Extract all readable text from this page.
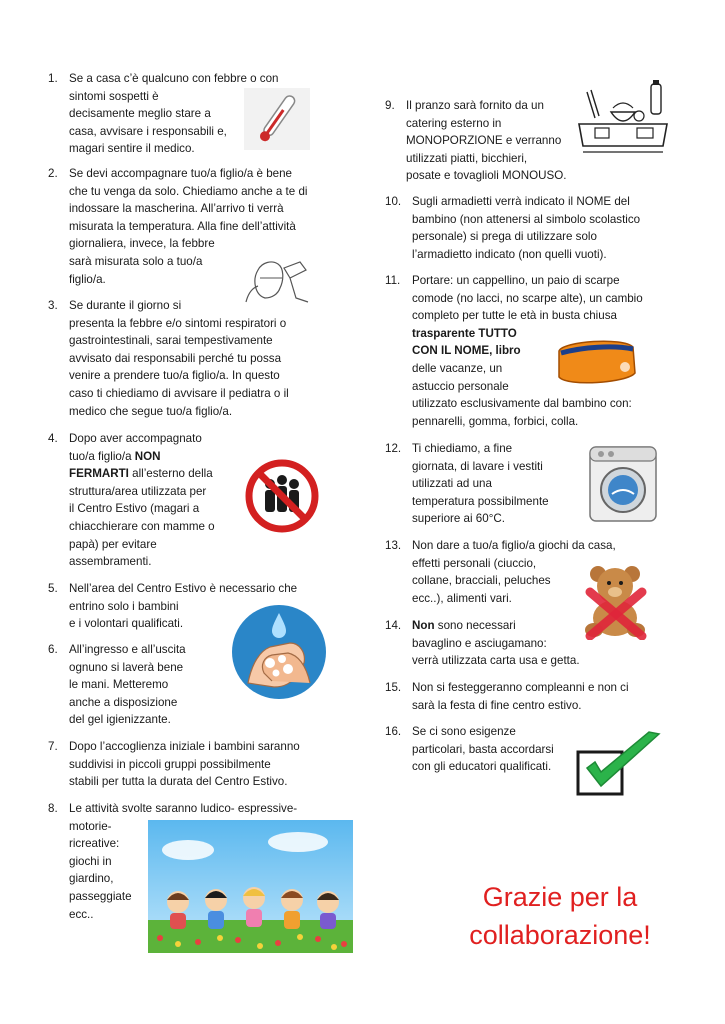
1. Se a casa c’è qualcuno con febbre o con
sintomi sospetti è
decisamente meglio stare a
casa, avvisare i responsabili e,
magari sentire il medico.
2. Se devi accompagnare tuo/a figlio/a è bene
che tu venga da solo. Chiediamo anche a te di
indossare la mascherina. All’arrivo ti verrà
misurata la temperatura. Alla fine dell’attività
giornaliera, invece, la febbre
sarà misurata solo a tuo/a
figlio/a.
3. Se durante il giorno si
presenta la febbre e/o sintomi respiratori o
gastrointestinali, sarai tempestivamente
avvisato dai responsabili perché tu possa
venire a prendere tuo/a figlio/a. In questo
caso ti chiediamo di avvisare il pediatra o il
medico che segue tuo/a figlio/a.
4. Dopo aver accompagnato
tuo/a figlio/a NON
FERMARTI all’esterno della
struttura/area utilizzata per
il Centro Estivo (magari a
chiacchierare con mamme o
papà) per evitare
assembramenti.
5. Nell’area del Centro Estivo è necessario che
entrino solo i bambini
e i volontari qualificati.
6. All’ingresso e all’uscita
ognuno si laverà bene
le mani. Metteremo
anche a disposizione
del gel igienizzante.
7. Dopo l’accoglienza iniziale i bambini saranno
suddivisi in piccoli gruppi possibilmente
stabili per tutta la durata del Centro Estivo.
8. Le attività svolte saranno ludico- espressive-
motorie-
ricreative:
giochi in
giardino,
passeggiate
ecc..
9. Il pranzo sarà fornito da un
catering esterno in
MONOPORZIONE e verranno
utilizzati piatti, bicchieri,
posate e tovaglioli MONOUSO.
10. Sugli armadietti verrà indicato il NOME del
bambino (non attenersi al simbolo scolastico
personale) si prega di utilizzare solo
l’armadietto indicato (non quelli vuoti).
11. Portare: un cappellino, un paio di scarpe
comode (no lacci, no scarpe alte), un cambio
completo per tutte le età in busta chiusa
trasparente TUTTO
CON IL NOME, libro
delle vacanze, un
astuccio personale
utilizzato esclusivamente dal bambino con:
pennarelli, gomma, forbici, colla.
12. Ti chiediamo, a fine
giornata, di lavare i vestiti
utilizzati ad una
temperatura possibilmente
superiore ai 60°C.
13. Non dare a tuo/a figlio/a giochi da casa,
effetti personali (ciuccio,
collane, bracciali, peluches
ecc..), alimenti vari.
14. Non sono necessari
bavaglino e asciugamano:
verrà utilizzata carta usa e getta.
15. Non si festeggeranno compleanni e non ci
sarà la festa di fine centro estivo.
16. Se ci sono esigenze
particolari, basta accordarsi
con gli educatori qualificati.
Grazie per la
collaborazione!
